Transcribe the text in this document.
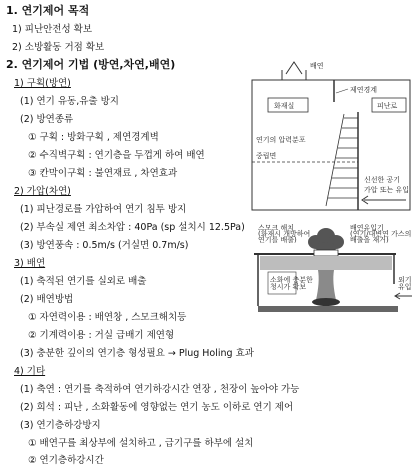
1. 연기제어 목적
1) 피난안전성 확보
2) 소방활동 거점 확보
2. 연기제어 기법 (방연,차연,배연)
1) 구획(방연)
(1) 연기 유동,유출 방지
(2) 방연종류
① 구획 : 방화구획 , 제연경계벽
② 수직벽구획 : 연기층을 두껍게 하여 배연
③ 칸막이구획 : 불연재료 , 차연효과
2) 가압(차연)
(1) 피난경로를 가압하여 연기 침투 방지
(2) 부속실 제연 최소차압 : 40Pa (sp 설치시 12.5Pa)
(3) 방연풍속 : 0.5m/s (거실면 0.7m/s)
3) 배연
(1) 축적된 연기를 실외로 배출
(2) 배연방법
① 자연력이용 : 배연창 , 스모크해치등
② 기계력이용 : 거실 급배기 제연형
(3) 충분한 깊이의 연기층 형성필요 → Plug Holing 효과
4) 기타
(1) 축연 : 연기를 축적하여 연기하강시간 연장 , 천장이 높아야 가능
(2) 희석 : 피난 , 소화활동에 영향없는 연기 농도 이하로 연기 제어
(3) 연기층하강방지
① 배연구를 최상부에 설치하고 , 급기구를 하부에 설치
② 연기층하강시간
배연
제연경계
화재실	피난로
연기의 압력분포
중립면
신선한 공기
가압 또는 유입
스모크 해치
(화재시 개방하여
연기를 배출)
배연유입기
(연기/대변연 가스의
배출을 재거)
소화에 충분한
청시가 확보
외기
유입
